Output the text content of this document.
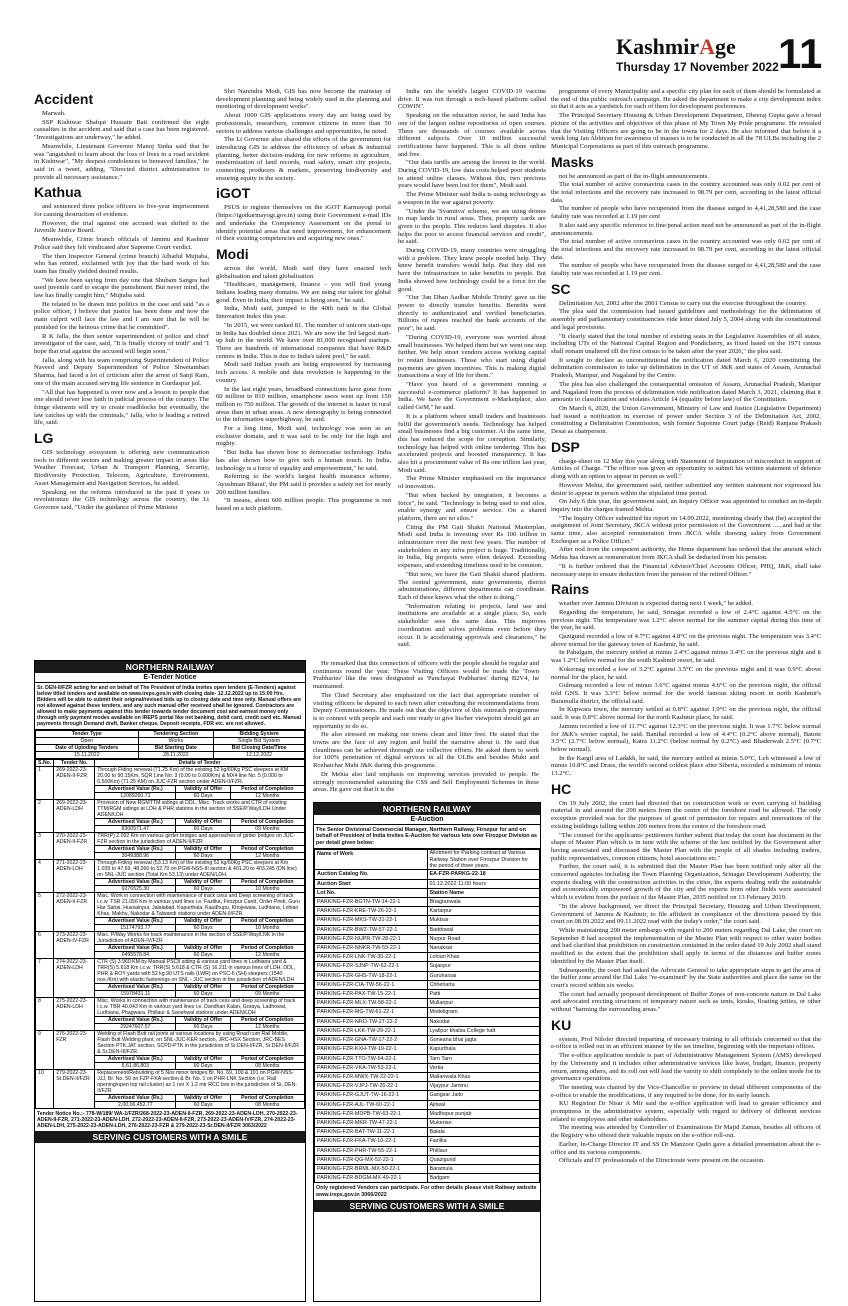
KashmirAge
Thursday 17 November 2022 11
Accident

Marwah.

SSP Kishtwar Shafqat Hussain Batt confirmed the eight casualties in the accident and said that a case has been registered. "Investigations are underway," he added.

Meanwhile, Lieutenant Governor Manoj Sinha said that he was "anguished to learn about the loss of lives in a road accident in Kishtwar", "My deepest condolences to bereaved families," he said in a tweet, adding, "Directed district administration to provide all necessary assistance."

Kathua

and sentenced three police officers to five-year imprisonment for causing destruction of evidence.

However, the trial against one accused was shifted to the Juvenile Justice Board.

Meanwhile, Crime branch officials of Jammu and Kashmir Police said they felt vindicated after Supreme Court verdict.

The then Inspector General (crime branch) Afhadul Mujtaba, who has retired, exclaimed with joy that the hard work of his team has finally yielded desired results.

"We have been saying from day one that Shubam Sangra had used juvenile card to escape the punishment. But never mind, the law has finally caught him," Mujtaba said.

He related to be drawn into politics in the case and said "as a police officer, I believe that justice has been done and now the main culprit will face the law and I am sure that he will be punished for the heinous crime that he committed".

R K Jalla, the then senior superintendent of police and chief investigator of the case, said, "It is finally victory of truth" and "I hope that trial against the accused will begin soon."

Jalla, along with his team comprising Superintendent of Police Naveed and Deputy Superintendent of Police Shwetambari Sharma, had faced a lot of criticism after the arrest of Sanji Ram, one of the main accused serving life sentence in Gurdaspur jail.

"All that has happened is over now and a lesson to people that one should never lose faith in judicial process of the country. The fringe elements will try to create roadblocks but eventually, the law catches up with the criminals," Jalla, who is leading a retired life, said.

LG

GIS technology ecosystem is offering new communication tools to different sectors and making greater impact in areas like Weather Forecast, Urban & Transport Planning, Security, Biodiversity Protection, Telecom, Agriculture, Environment, Asset Management and Navigation Services, he added.

Speaking on the reforms introduced in the past 8 years to revolutionize the GIS technology across the country, the Lt Governor said, "Under the guidance of Prime Minister

Shri Narendra Modi, GIS has now become the mainstay of development planning and being widely used in the planning and monitoring of development works".

About 1000 GIS applications every day are being used by professionals, researchers, common citizens in more than 50 sectors to address various challenges and opportunities, he noted.

The Lt Governor also shared the efforts of the government for introducing GIS to address the efficiency of urban & industrial planning, better decision-making for new reforms in agriculture, modernization of land records, road safety, smart city projects, connecting producers & markets, preserving biodiversity and ensuring equity in the society.

iGOT

PSUS to register themselves on the iGOT Karmayogi portal (https://igotkarmayogi.gov.in) using their Government e-mail IDs and undertake the Competency Assessment on the portal to identify potential areas that need improvement, for enhancement of their existing competencies and acquiring new ones."

Modi

across the world, Modi said they have enacted tech globalisation and talent globalisation.

"Healthcare, management, finance - you will find young Indians leading many domains. We are using our talent for global good. Even in India, their impact is being seen," he said.

India, Modi said, jumped to the 40th rank in the Global Innovation Index this year.

"In 2015, we were ranked 81. The number of unicorn start-ups in India has doubled since 2021. We are now the 3rd largest start-up hub in the world. We have over 81,000 recognised startups. There are hundreds of international companies that have R&D centres in India. This is due to India's talent pool," he said.

Modi said Indian youth are being empowered by increasing tech access. A mobile and data revolution is happening in the country.

In the last eight years, broadband connections have gone from 60 million to 810 million, smartphone users went up from 150 million to 750 million. The growth of the internet is faster in rural areas than in urban areas. A new demography is being connected to the information superhighway, he said.

For a long time, Modi said, technology was seen as an exclusive domain, and it was said to be only for the high and mighty.

"But India has shown how to democratise technology. India has also shown how to give tech a human touch. In India, technology is a force of equality and empowerment," he said.

Referring to the world's largest health insurance scheme, 'Ayushman Bharat', the PM said it provides a safety net for nearly 200 million families.

"It means, about 600 million people. This programme is run based on a tech platform.

India ran the world's largest COVID-19 vaccine drive. It was run through a tech-based platform called COWIN".

Speaking on the education sector, he said India has one of the largest online repositories of open courses. There are thousands of courses available across different subjects. Over 10 million successful certifications have happened. This is all done online and free.

"Our data tariffs are among the lowest in the world. During COVID-19, low data costs helped poor students to attend online classes. Without this, two precious years would have been lost for them", Modi said.

The Prime Minister said India is using technology as a weapon in the war against poverty.

"Under the 'Svamitva' scheme, we are using drones to map lands in rural areas. Then, property cards are given to the people. This reduces land disputes. It also helps the poor to access financial services and credit", he said.

During COVID-19, many countries were struggling with a problem. They knew people needed help. They knew benefit transfers would help. But they did not have the infrastructure to take benefits to people. But India showed how technology could be a force for the good.

"Our 'Jan Dhan Aadhar Mobile Trinity' gave us the power to directly transfer benefits. Benefits went directly to authenticated and verified beneficiaries. Billions of rupees reached the bank accounts of the poor", he said.

"During COVID-19, everyone was worried about small businesses. We helped them but we went one step further. We help street vendors access working capital to restart businesses. Those who start using digital payments are given incentives. This is making digital transactions a way of life for them."

"Have you heard of a government running a successful e-commerce platform? It has happened in India. We have the Government e-Marketplace, also called GeM," he said.

It is a platform where small traders and businesses fulfil the government's needs. Technology has helped small businesses find a big customer. At the same time, this has reduced the scope for corruption. Similarly, technology has helped with online tendering. This has accelerated projects and boosted transparency. It has also hit a procurement value of Rs one trillion last year, Modi said.

The Prime Minister emphasised on the importance of innovation.

"But when backed by integration, it becomes a force", he said. "Technology is being used to end silos, enable synergy and ensure service. On a shared platform, there are no silos."

Citing the PM Gati Shakti National Masterplan, Modi said India is investing over Rs 100 trillion in infrastructure over the next few years. The number of stakeholders in any infra project is huge. Traditionally, in India, big projects were often delayed. Exceeding expenses, and extending timelines used to be common.

"But now, we have the Gati Shakti shared platform. The central government, state governments, district administrations, different departments can coordinate. Each of these knows what the other is doing."

"Information relating to projects, land use and institutions are available at a single place. So, each stakeholder sees the same data. This improves coordination and solves problems even before they occur. It is accelerating approvals and clearances," he said.

He remarked that this connection of officers with the people should be regular and continuous round the year. These Visiting Officers would be made the 'Town Prabharies' like the ones designated as 'Panchayat Prabharies' during B2V4, he maintained.

The Chief Secretary also emphasized on the fact that appropriate number of visiting officers be deputed to each town after consulting the recommendations from Deputy Commissioners. He made out that the objective of this outreach programme is to connect with people and each one ready to give his/her viewpoint should get an opportunity to do so.

He also stressed on making our towns clean and litter free. He stated that the towns are the face of any region and build the narrative about it. He said that cleanliness can be achieved thorough our collective efforts. He asked them to work for 100% penetration of digital services in all the ULBs and besides Mukt and Rozhatchar Mahi J&K during this programme.

Dr Mehta also laid emphasis on improving services provided to people. He strongly recommended saturating the CSS and Self Employment Schemes in these areas. He gave out that it is the

programme of every Municipality and a specific city plan for each of them should be formulated at the end of this public outreach campaign. He asked the department to make a city development index so that it acts as a yardstick for each of them for development preferences.

The Principal Secretary Housing & Urban Development Department, Dheeraj Gupta gave a broad picture of the activities and objectives of this phase of My Town My Pride programme. He revealed that the Visiting Officers are going to be in the towns for 2 days. He also informed that before it a week long Jan Abhiyan for awareness of masses is to be conducted in all the 78 ULBs including the 2 Municipal Corporations as part of this outreach programme.

Masks

not be announced as part of the in-flight announcements.

The total number of active coronavirus cases in the country accounted was only 0.02 per cent of the total infections and the recovery rate increased to 98.79 per cent, according to the latest official data.

The number of people who have recuperated from the disease surged to 4,41,28,580 and the case fatality rate was recorded at 1.19 per cent

It also said any specific reference to fine/penal action need not be announced as part of the in-flight announcements.

The total number of active coronavirus cases in the country accounted was only 0.02 per cent of the total infections and the recovery rate increased to 98.79 per cent, according to the latest official data.

The number of people who have recuperated from the disease surged to 4,41,28,580 and the case fatality rate was recorded at 1.19 per cent.

SC

Delimitation Act, 2002 after the 2001 Census to carry out the exercise throughout the country.

The plea said the commission had issued guidelines and methodology for the delimitation of assembly and parliamentary constituencies vide letter dated July 5, 2004 along with the constitutional and legal provisions.

"It clearly stated that the total number of existing seats in the Legislative Assemblies of all states, including UTs of the National Capital Region and Pondicherry, as fixed based on the 1971 census shall remain unaltered till the first census to be taken after the year 2026," the plea said.

It sought to declare as unconstitutional the notification dated March 6, 2020 constituting the delimitation commission to take up delimitation in the UT of J&K and states of Assam, Arunachal Pradesh, Manipur, and Nagaland by the Centre.

The plea has also challenged the consequential omission of Assam, Arunachal Pradesh, Manipur and Nagaland from the process of delimitation vide notification dated March 3, 2021, claiming that it amounts to classification and violates Article 14 (equality before law) of the Constitution.

On March 6, 2020, the Union Government, Ministry of Law and Justice (Legislative Department) had issued a notification in exercise of power under Section 3 of the Delimitation Act, 2002, constituting a Delimitation Commission, with former Supreme Court judge (Retd) Ranjana Prakash Desai as chairperson.

DSP

charge-sheet on 12 May this year along with Statement of Imputation of misconduct in support of Articles of Charge. "The officer was given an opportunity to submit his written statement of defence along with an option to appear in person as well."

However Mehta, the government said, neither submitted any written statement nor expressed his desire to appear in person within the stipulated time period.

On July 6 this year, the government said, an Inquiry Officer was appointed to conduct an in-depth inquiry into the charges framed Mehta.

"The Inquiry Officer submitted his report on 14.09.2022, mentioning clearly that (he) accepted the assignment of Joint Secretary, JKCA without prior permission of the Government ......and had at the same time, also accepted remuneration from JKCA while drawing salary from Government Exchequer as a Police Officer."

After nod from the competent authority, the Home department has ordered that the amount which Mehta has drawn as remuneration from JKCA shall be deducted from his pension.

"It is further ordered that the Financial Advisor/Chief Accounts Officer, PHQ, J&K, shall take necessary steps to ensure deduction from the pension of the retired Officer."

Rains

weather over Jammu Division is expected during next 1 week," he added.

Regarding the temperature, he said, Srinagar recorded a low of 2.4°C against 4.5°C on the previous night. The temperature was 1.2°C above normal for the summer capital during this time of the year, he said.

Qazigund recorded a low of 4.7°C against 4.8°C on the previous night. The temperature was 3.4°C above normal for the gateway town of Kashmir, he said.

In Pahalgam, the mercury settled at minus 2.4°C against minus 3.4°C on the previous night and it was 1.2°C below normal for the south Kashmir resort, he said.

Kokernag recorded a low of 3.2°C against 3.5°C on the previous night and it was 0.9°C above normal for the place, he said.

Gulmarg recorded a low of minus 3.6°C against minus 4.6°C on the previous night, the official told GNS. It was 3.3°C below normal for the world famous skiing resort in north Kashmir's Baramulla district, the official said.

In Kupwara town, the mercury settled at 0.8°C against 1.9°C on the previous night, the official said. It was 0.8°C above normal for the north Kashmir place, he said.

Jammu recorded a low of 11.7°C against 12.3°C on the previous night. It was 1.7°C below normal for J&K's winter capital, he said. Banihal recorded a low of 4.4°C (0.2°C above normal), Batote 3.5°C (2.7°C below normal), Katra 11.2°C (below normal by 0.2°C) and Bhaderwah 2.5°C (0.7°C below normal).

In the Kargil area of Ladakh, he said, the mercury settled at minus 5.0°C, Leh witnessed a low of minus 10.8°C and Drass, the world's second coldest place after Siberia, recorded a minimum of minus 13.2°C.

HC

On 19 July 2002, the court had directed that no construction work or even carrying of building material in and around the 200 meters from the centre of the foreshore road be allowed. The only exception provided was for the purposes of grant of permission for repairs and renovations of the existing buildings falling within 200 meters from the centre of the foreshore road.

"The counsel for the applicants/ petitioners further submit that today the court has document in the shape of Master Plan which is in tune with the scheme of the law notified by the Government after having associated and discussed the Master Plan with the people of all shades including traders, public representatives, common citizens, hotel associations etc."

Further, the court said, it is submitted that the Master Plan has been notified only after all the concerned agencies including the Town Planning Organization, Srinagar Development Authority, the experts dealing with the construction activities in the cities, the experts dealing with the sustainable and economically empowered growth of the city and the experts from other fields were associated which is evident from the preface of the Master Plan, 2035 notified on 13 February 2019.

"In the above background, we direct the Principal Secretary, Housing and Urban Development, Government of Jammu & Kashmir, to file affidavit in compliance of the directions passed by this court on 08.09.2022 and 09.11.2022 read with the today's order," the court said.

While maintaining 200 meter embargo with regard to 200 meters regarding Dal Lake, the court on September 8 had accepted the implementation of the Master Plan with respect to other water bodies and had clarified that prohibition on construction contained in the order dated 19 July 2002 shall stand modified to the extent that the prohibition shall apply in terms of the distances and buffer zones identified by the Master Plan itself.

Subsequently, the court had asked the Advocate General to take appropriate steps to get the area of the buffer zone around the Dal Lake "re-examined" by the State authorities and place the same on the court's record within six weeks.

The court had actually proposed development of Buffer Zones of non-concrete nature in Dal Lake and advocated erecting structures of temporary nature such as tents, kiosks, floating jetties, or other without "harming the surrounding areas."

KU

system, Prof Nilofer directed imparting of necessary training to all officials concerned so that the e-office is rolled out in an efficient manner by the set timeline, beginning with the important offices.

The e-office application module is part of Administrative Management System (AMS) developed by the University and it includes other administrative services like leave, budget, finance, property return, among others, and its roll out will lead the varsity to shift completely to the online mode for its governance operations.

The meeting was chaired by the Vice-Chancellor to preview in detail different components of the e-office to enable the modifications, if any required to be done, for its early launch.

KU Registrar Dr Nisar A Mir said the e-office application will lead to greater efficiency and promptness in the administrative system, especially with regard to delivery of different services related to employees and other stakeholders.

The meeting was attended by Controller of Examinations Dr Majid Zaman, besides all officers of the Registry who offered their valuable inputs on the e-office roll-out.

Earlier, In-Charge Director IT and SS Dr Manzoor Qadri gave a detailed presentation about the e-office and its various components.

Officials and IT professionals of the Directorate were present on the occasion.

NORTHERN RAILWAY
E-Tender Notice
Sr. DEN-II/FZR acting for and on behalf of The President of India invites open tenders (E-Tenders) against below titled tenders and available on www.ireps.gov.in with closing date- 12.12.2022 up to 15:00 Hrs. Bidders will be able to submit their original/revised bids up to closing date and time only. Manual offers are not allowed against these tenders, and any such manual offer received shall be ignored. Contractors are allowed to make payments against this tender towards tender document cost and earnest money only through only payment modes available on IREPS portal like net banking, debit card, credit card etc. Manual payments through Demand draft, Banker cheque, Deposit receipts, FDR etc. are not allowed.
Tender Type	Tendering Section	Bidding System
Open	Works	Single Bid System
Date of Uploding Tenders	Bid Starting Date	Bid Closing Date/Time
15.11.2022	28.11.2022	12.12.2022
S.No.	Tender No.	Details of Tender		
1	269-2022-23-ADEN-II-FZR	Through Fitting renewal (71.25 Km) of the existing 52 kg/60Kg PSC sleepers at KM 20.00 to 90.15Km, SQR Line No. 3 (0.00 to 0.600Km) & MX4 line No. 5 (0.000 to 0.500Km) (71.25 KM) on JUC-FZR section under ADEN-II/FZR.		
		Advertised Value (Rs.)	Validity of Offer	Period of Completion
		12089260.71	60 Days	12 Months
2	269-2022-23-ADEN-LDH	Provision of New RGMTTM sidings at DDL, Misc. Track works and CTR of existing TTM/RGM sidings at LDH & PHR stations in the section of SSE/P.Way/LDH Under ADEN/LDH		
		Advertised Value (Rs.)	Validity of Offer	Period of Completion
		8300571.47	60 Days	09 Months
3	270-2022-23-ADEN-II-FZR	TRR(P) 2.092 Km on various girder bridges and approaches of girder bridges on JUC-FZR section in the jurisdiction of ADEN-II/FZR		
		Advertised Value (Rs.)	Validity of Offer	Period of Completion
		3049388.96	60 Days	12 Months
4	271-2022-23-ADEN-LDH	Through Fitting renewal (53.13 Km) of the existing 52 kg/60Kg PSC sleepers at Km 1.039 to 47.69, 48.266 to 52.70 on PGW-NSS-III section & 401.20 to 403.245 (DN line) on SNL-JUC section (Total Km 53.13) under ADEN/LDH.		
		Advertised Value (Rs.)	Validity of Offer	Period of Completion
		9276525.30	60 Days	10 Months
5	272-2022-23-ADEN-II-FZR	Misc. Work in connection with maintenance of track cess and Deep screening of track i.c.w. TSR 21.056 Km in various yard lines i.e. Fazilka, Firozpur Cantt, Order Pindi, Guru Har Sahai, Hussainpur, Jalalabad, Kapurthala, Kaudhupu, Khojewala, Ludhiana, Lohian Khas, Makhu, Nakodar & Talwandi stations under ADEN-II/FZR.		
		Advertised Value (Rs.)	Validity of Offer	Period of Completion
		15174793.77	60 Days	10 Months
6	273-2022-23-ADEN-IV-FZR	Misc. P/Way Works for track maintenance in the section of SSE/P.Way/LNK in the Jurisdiction of ADEN-IV/FZR		
		Advertised Value (Rs.)	Validity of Offer	Period of Completion
		6495578.84	60 Days	12 Months
7	274-2022-23-ADEN-LDH	CTR (S) 3.960 KM by Manual PSC8 siding & various yard lines in Ludhiana yard & TRR(S) 5.618 Km i.c.w. TRR(S) 5.618 & CTR (S) 16.211 in various lines of LDH, DDL, PHR & ROY yards with 52 kg 90 UTS rails (LWR) on PSC-6 (SH) sleepers (1540 nos./Km) with elastic fastenings on SNL - JUC section in the jurisdiction of ADEN/LDH		
		Advertised Value (Rs.)	Validity of Offer	Period of Completion
		15978431.11	60 Days	09 Months
8	275-2022-23-ADEN-LDH	Misc. Works in connection with maintenance of track cess and deep screening of track i.c.w. TBR 40.043 Km in various yard lines i.e. Dandhari Kalan, Goraya, Ladhowal, Ludhiana, Phagwara, Phillaur & Sanehwal stations under ADEN/LDH		
		Advertised Value (Rs.)	Validity of Offer	Period of Completion
		29247607.57	60 Days	12 Months
9	276-2022-23-FZR	Welding of Flash Butt rail joints at various locations by using Road cum Rail Mobile, Flash Butt Welding plant, on SNL-JUC-KER section, JRC-HSX Section, JRC-BES Section PTK.JAT section, SCPD-PTK in the jurisdiction of Sr.DEN-I/FZR, Sr.DEN-II/FZR & Sr.DEN-III/FZR.		
		Advertised Value (Rs.)	Validity of Offer	Period of Completion
		6,61,86,803	60 Days	08 Months
10	279-2022-23-Sr.DEN-II/FZR	Replacement/Rebuilding of 5 Nos minor bridges Br. No. 69, 100 & 101 on PGW-NSS-JJJ, Br. No. 50 on FZP-FKA section & Br. No. 1 on PHR-LNK Section (i.e. Rail opening/open top rail cluster) as 1 nor X 1.2 mtr RCC box in the jurisdiction of Sr. DEN-II/FZR		
		Advertised Value (Rs.)	Validity of Offer	Period of Completion
		2,00,06,452.77	60 Days	08 Months
Tender Notice No.:- 778-W/189/ WA-1/FZR/268-2022-23-ADEN-II-FZR, 269-2022-23-ADEN-LDH, 270-2022-23-ADEN-II-FZR, 271-2022-23-ADEN-LDH, 272-2022-23-ADEN-II-FZR, 273-2022-23-ADEN-IV/FZR, 274-2022-23-ADEN-LDH, 275-2022-23-ADEN-LDH, 276-2022-23-FZR & 279-2022-23-Sr.DEN-II/FZR 3063/2022
SERVING CUSTOMERS WITH A SMILE
NORTHERN RAILWAY
E-Auction
The Senior Divisional Commercial Manager, Northern Railway, Firozpur for and on behalf of President of India invites E-Auction for various lots over Firozpur Division as per detail given below:
Name of Work	Allotment for Parking contract at Various Railway Station over Firozpur Division for the period of three years.
Auction Catalog No.	EA-FZR-PARKG-22-18
Auction Start	01.12.2022 11:00 hours
Lot No.	Station Name
PARKING-FZR-BGTN-TW-14-22-1	Bhagtanwala
PARKING-FZR-KRE-TW-26-22-1	Kartarpur
PARKING-FZR-MKS-TW-31-22-1	Muktsar
PARKING-FZR-BWZ-TW-57-22-1	Baddowal
PARKING-FZR-NUPR-TW-28-22-1	Nurpur Road
PARKING-FZR-NNKR-TW-59-22-1	Nanaksar
PARKING-FZR-LNK-TW-30-22-1	Lohian Khas
PARKING-FZR-SJNP-TW-62-22-1	Sujanpur
PARKING-FZR-GHS-TW-18-22-1	Guruharsai
PARKING-FZR-CIA-TW-56-22-1	Chheharta
PARKING-FZR-PAX-TW-15-22-1	Patti
PARKING-FZR-MLX-TW-58-22-1	Mullanpur
PARKING-FZR-MG-TW-61-22-1	Modeligram
PARKING-FZR-NRO-TW-27-22-2	Nakodar
PARKING-FZR-LKK-TW-29-22-1	Lyallpur khalsa College halt
PARKING-FZR-GNA-TW-17-22-2	Goneana bhai jagta
PARKING-FZR-KXH-TW-19-22-1	Kapurthala
PARKING-FZR-TTO-TW-54-22-1	Tarn Tarn
PARKING-FZR-VKA-TW-53-22-1	Verka
PARKING-FZR-MWX-TW-22-22-1	Mallanwala Khas
PARKING-FZR-VJPJ-TW-25-22-1	Vijaypur Jammu
PARKING-FZR-GJUT-TW-16-22-1	Gangsar Jaito
PARKING-FZR-AJL-TW-60-22-1	Ajitwal
PARKING-FZR-MDPB-TW-63-22-1	Madhopur punjab
PARKING-FZR-MKR-TW-47-22-1	Mukerian
PARKING-FZR-BAT-TW-11-22-1	Batala
PARKING-FZR-FKA-TW-10-22-1	Fazilka
PARKING-FZR-PHR-TW-55-22-1	Phillaur
PARKING-FZR-QG-MX-52-22-1	Quazigund
PARKING-FZR-BRML-MX-50-22-1	Baramula
PARKING-FZR-BDGM-MX-49-22-1	Badgam
Only registered Vendors can participate. For other details please visit Railway website www.ireps.gov.in 3066/2022
SERVING CUSTOMERS WITH A SMILE
